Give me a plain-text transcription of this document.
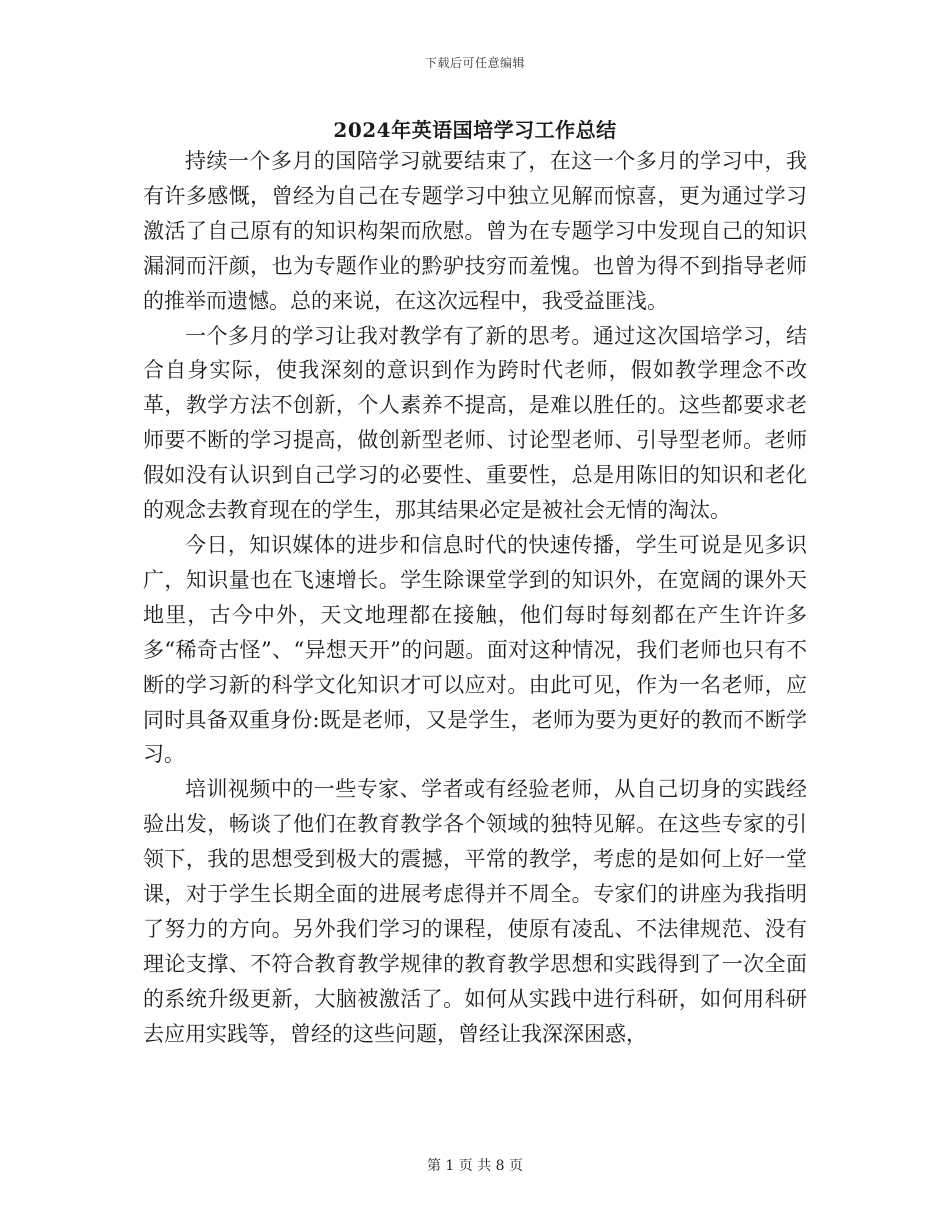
下载后可任意编辑
2024年英语国培学习工作总结

持续一个多月的国陪学习就要结束了，在这一个多月的学习中，我有许多感慨，曾经为自己在专题学习中独立见解而惊喜，更为通过学习激活了自己原有的知识构架而欣慰。曾为在专题学习中发现自己的知识漏洞而汗颜，也为专题作业的黔驴技穷而羞愧。也曾为得不到指导老师的推举而遗憾。总的来说，在这次远程中，我受益匪浅。

一个多月的学习让我对教学有了新的思考。通过这次国培学习，结合自身实际，使我深刻的意识到作为跨时代老师，假如教学理念不改革，教学方法不创新，个人素养不提高，是难以胜任的。这些都要求老师要不断的学习提高，做创新型老师、讨论型老师、引导型老师。老师假如没有认识到自己学习的必要性、重要性，总是用陈旧的知识和老化的观念去教育现在的学生，那其结果必定是被社会无情的淘汰。

今日，知识媒体的进步和信息时代的快速传播，学生可说是见多识广，知识量也在飞速增长。学生除课堂学到的知识外，在宽阔的课外天地里，古今中外，天文地理都在接触，他们每时每刻都在产生许许多多“稀奇古怪”、“异想天开”的问题。面对这种情况，我们老师也只有不断的学习新的科学文化知识才可以应对。由此可见，作为一名老师，应同时具备双重身份:既是老师，又是学生，老师为要为更好的教而不断学习。

培训视频中的一些专家、学者或有经验老师，从自己切身的实践经验出发，畅谈了他们在教育教学各个领域的独特见解。在这些专家的引领下，我的思想受到极大的震撼，平常的教学，考虑的是如何上好一堂课，对于学生长期全面的进展考虑得并不周全。专家们的讲座为我指明了努力的方向。另外我们学习的课程，使原有凌乱、不法律规范、没有理论支撑、不符合教育教学规律的教育教学思想和实践得到了一次全面的系统升级更新，大脑被激活了。如何从实践中进行科研，如何用科研去应用实践等，曾经的这些问题，曾经让我深深困惑，

第 1 页 共 8 页
